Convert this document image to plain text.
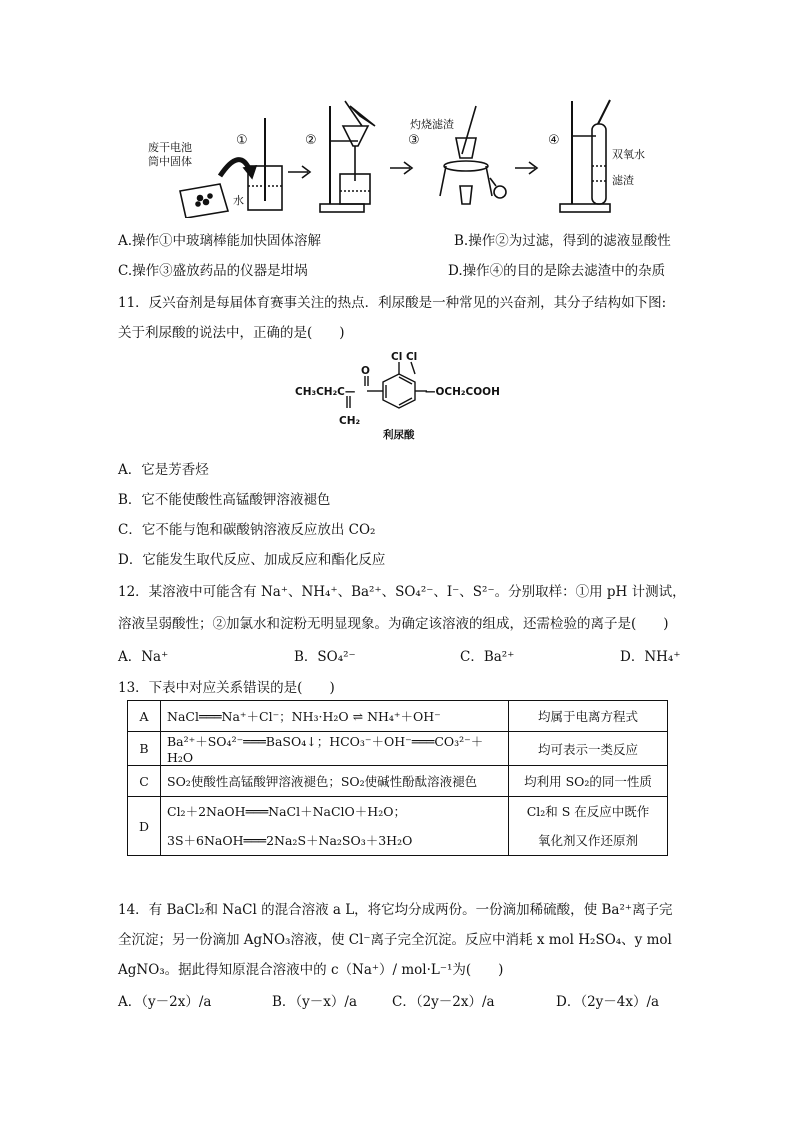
废干电池
筒中固体
水
灼烧滤渣
双氧水
滤渣
①	②	③	④
A.操作①中玻璃棒能加快固体溶解	B.操作②为过滤，得到的滤液显酸性
C.操作③盛放药品的仪器是坩埚	D.操作④的目的是除去滤渣中的杂质
11．反兴奋剂是每届体育赛事关注的热点．利尿酸是一种常见的兴奋剂，其分子结构如下图:
关于利尿酸的说法中，正确的是(　　)
CH₃CH₂C—
CH₂
O
Cl Cl
—OCH₂COOH
利尿酸
A．它是芳香烃
B．它不能使酸性高锰酸钾溶液褪色
C．它不能与饱和碳酸钠溶液反应放出 CO₂
D．它能发生取代反应、加成反应和酯化反应
12．某溶液中可能含有 Na⁺、NH₄⁺、Ba²⁺、SO₄²⁻、I⁻、S²⁻。分别取样：①用 pH 计测试，
溶液呈弱酸性；②加氯水和淀粉无明显现象。为确定该溶液的组成，还需检验的离子是(　　)
A．Na⁺	B．SO₄²⁻	C．Ba²⁺	D．NH₄⁺
13．下表中对应关系错误的是(　　)
A	NaCl═══Na⁺＋Cl⁻；NH₃·H₂O ⇌ NH₄⁺＋OH⁻	均属于电离方程式
B	Ba²⁺＋SO₄²⁻═══BaSO₄↓；HCO₃⁻＋OH⁻═══CO₃²⁻＋H₂O	均可表示一类反应
C	SO₂使酸性高锰酸钾溶液褪色；SO₂使碱性酚酞溶液褪色	均利用 SO₂的同一性质
D	Cl₂＋2NaOH═══NaCl＋NaClO＋H₂O；
3S＋6NaOH═══2Na₂S＋Na₂SO₃＋3H₂O	Cl₂和 S 在反应中既作
氧化剂又作还原剂
14．有 BaCl₂和 NaCl 的混合溶液 a L，将它均分成两份。一份滴加稀硫酸，使 Ba²⁺离子完
全沉淀；另一份滴加 AgNO₃溶液，使 Cl⁻离子完全沉淀。反应中消耗 x mol H₂SO₄、y mol
AgNO₃。据此得知原混合溶液中的 c（Na⁺）/ mol·L⁻¹为(　　)
A．（y－2x）/a	B．（y－x）/a	C．（2y－2x）/a	D．（2y－4x）/a
